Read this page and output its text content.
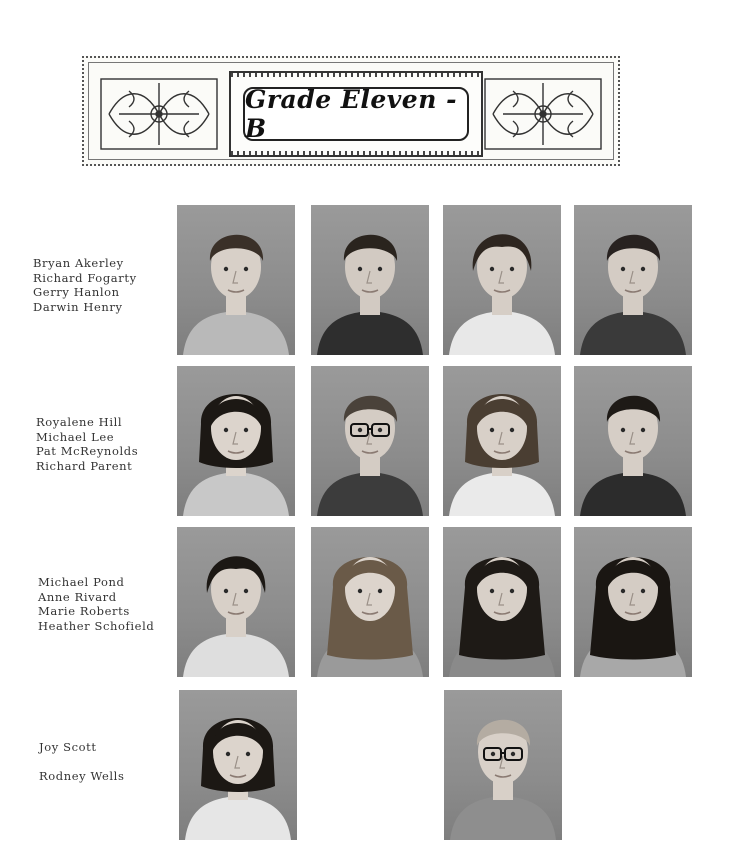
Grade Eleven - B
Bryan Akerley
Richard Fogarty
Gerry Hanlon
Darwin Henry
Royalene Hill
Michael Lee
Pat McReynolds
Richard Parent
Michael Pond
Anne Rivard
Marie Roberts
Heather Schofield
Joy Scott
Rodney Wells
